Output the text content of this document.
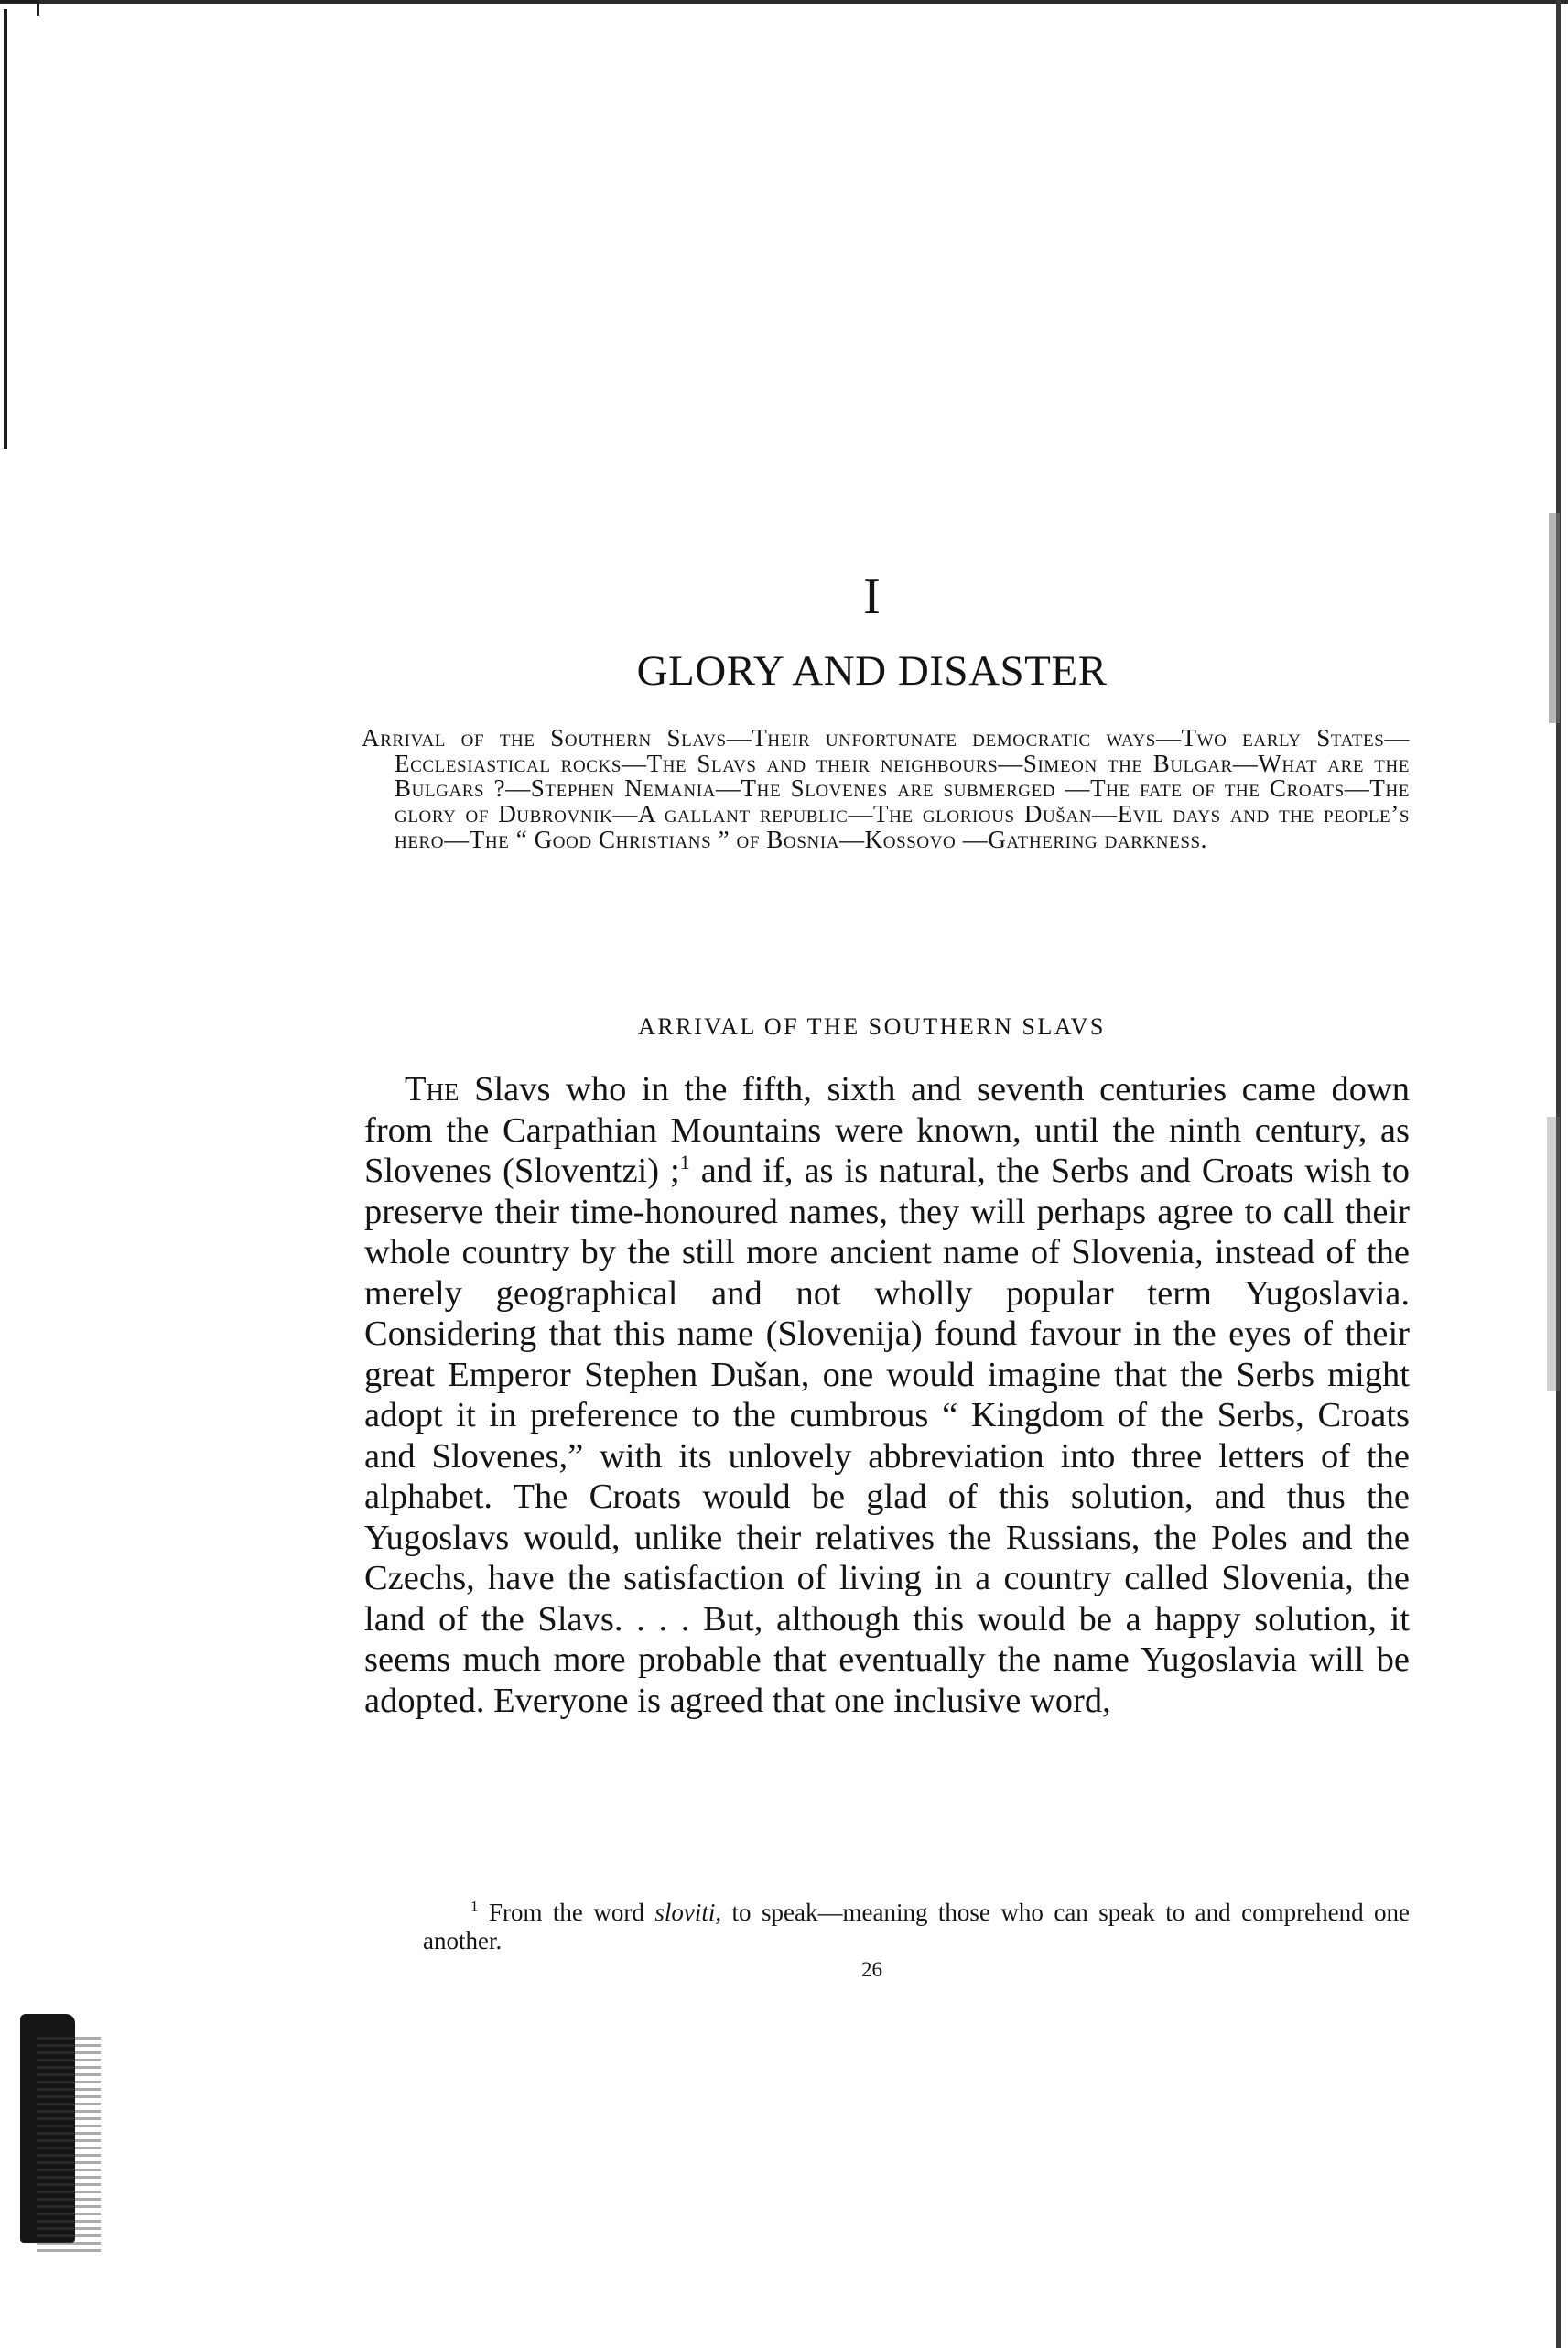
I
GLORY AND DISASTER
Arrival of the Southern Slavs—Their unfortunate democratic ways—Two early States—Ecclesiastical rocks—The Slavs and their neighbours—Simeon the Bulgar—What are the Bulgars ?—Stephen Nemania—The Slovenes are submerged —The fate of the Croats—The glory of Dubrovnik—A gallant republic—The glorious Dušan—Evil days and the people’s hero—The “ Good Christians ” of Bosnia—Kossovo —Gathering darkness.
ARRIVAL OF THE SOUTHERN SLAVS

The Slavs who in the fifth, sixth and seventh centuries came down from the Carpathian Mountains were known, until the ninth century, as Slovenes (Sloventzi) ;$^1$ and if, as is natural, the Serbs and Croats wish to preserve their time-honoured names, they will perhaps agree to call their whole country by the still more ancient name of Slovenia, instead of the merely geographical and not wholly popular term Yugoslavia. Considering that this name (Slovenija) found favour in the eyes of their great Emperor Stephen Dušan, one would imagine that the Serbs might adopt it in preference to the cumbrous “ Kingdom of the Serbs, Croats and Slovenes,” with its unlovely abbreviation into three letters of the alphabet. The Croats would be glad of this solution, and thus the Yugoslavs would, unlike their relatives the Russians, the Poles and the Czechs, have the satisfaction of living in a country called Slovenia, the land of the Slavs. . . . But, although this would be a happy solution, it seems much more probable that eventually the name Yugoslavia will be adopted. Everyone is agreed that one inclusive word,

$^1$ From the word sloviti, to speak—meaning those who can speak to and comprehend one another.

26
